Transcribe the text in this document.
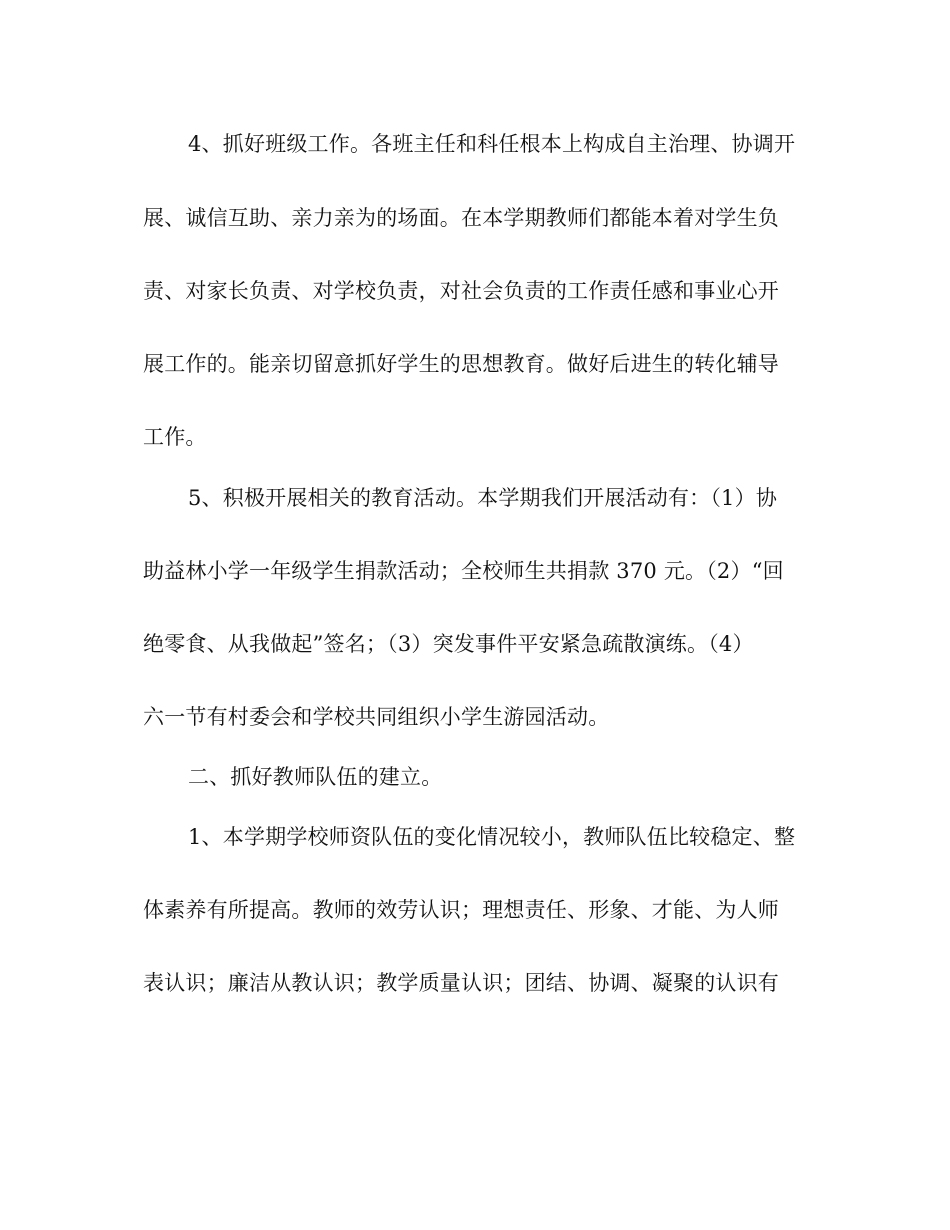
4、抓好班级工作。各班主任和科任根本上构成自主治理、协调开
展、诚信互助、亲力亲为的场面。在本学期教师们都能本着对学生负
责、对家长负责、对学校负责，对社会负责的工作责任感和事业心开
展工作的。能亲切留意抓好学生的思想教育。做好后进生的转化辅导
工作。
5、积极开展相关的教育活动。本学期我们开展活动有：（1）协
助益林小学一年级学生捐款活动；全校师生共捐款 370 元。（2）“回
绝零食、从我做起”签名；（3）突发事件平安紧急疏散演练。（4）
六一节有村委会和学校共同组织小学生游园活动。
二、抓好教师队伍的建立。
1、本学期学校师资队伍的变化情况较小，教师队伍比较稳定、整
体素养有所提高。教师的效劳认识；理想责任、形象、才能、为人师
表认识；廉洁从教认识；教学质量认识；团结、协调、凝聚的认识有
